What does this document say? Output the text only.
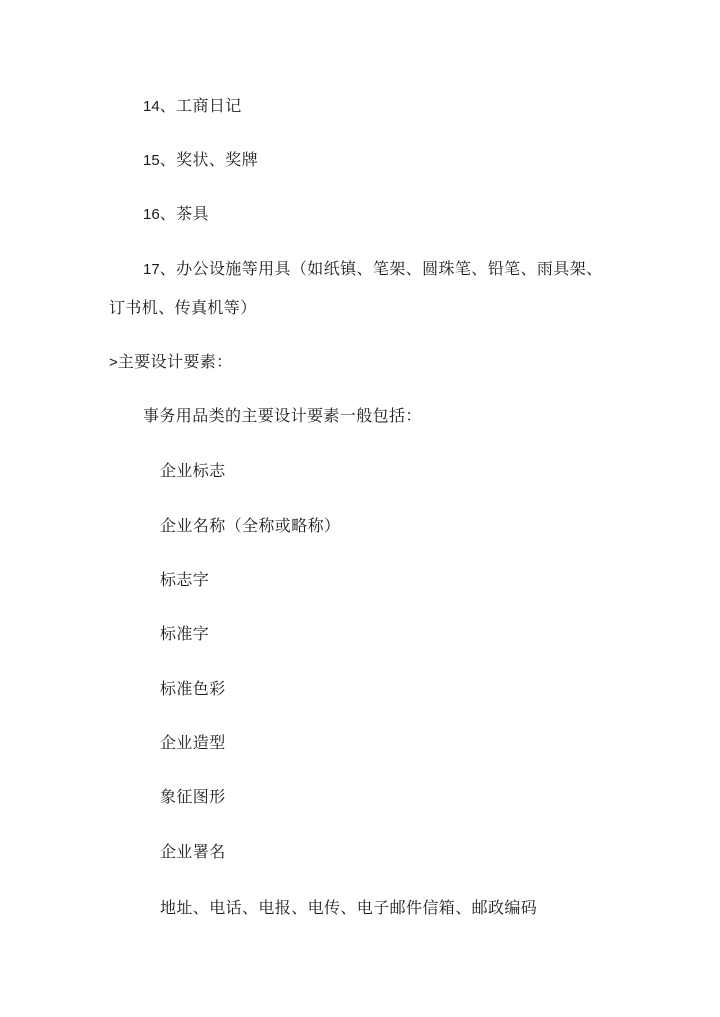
14、工商日记
15、奖状、奖牌
16、茶具
17、办公设施等用具（如纸镇、笔架、圆珠笔、铅笔、雨具架、
订书机、传真机等）
>主要设计要素：
事务用品类的主要设计要素一般包括：
企业标志
企业名称（全称或略称）
标志字
标准字
标准色彩
企业造型
象征图形
企业署名
地址、电话、电报、电传、电子邮件信箱、邮政编码
